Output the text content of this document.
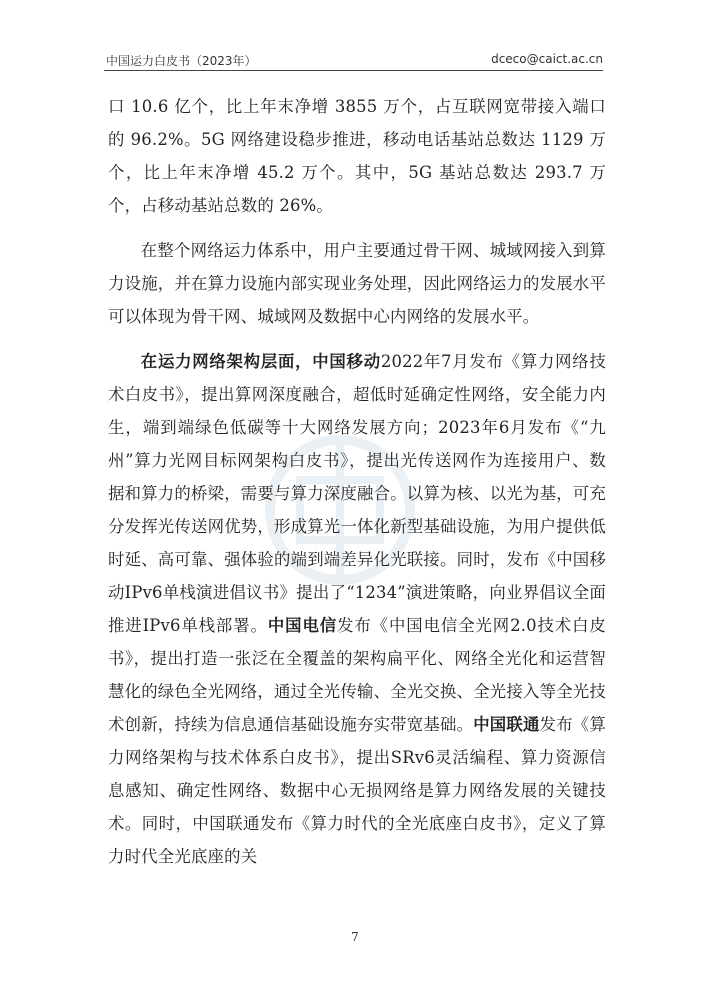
中国运力白皮书（2023年）	dceco@caict.ac.cn

口 10.6 亿个，比上年末净增 3855 万个，占互联网宽带接入端口的 96.2%。5G 网络建设稳步推进，移动电话基站总数达 1129 万个，比上年末净增 45.2 万个。其中，5G 基站总数达 293.7 万个，占移动基站总数的 26%。

在整个网络运力体系中，用户主要通过骨干网、城域网接入到算力设施，并在算力设施内部实现业务处理，因此网络运力的发展水平可以体现为骨干网、城域网及数据中心内网络的发展水平。

在运力网络架构层面，中国移动2022年7月发布《算力网络技术白皮书》，提出算网深度融合，超低时延确定性网络，安全能力内生，端到端绿色低碳等十大网络发展方向；2023年6月发布《“九州”算力光网目标网架构白皮书》，提出光传送网作为连接用户、数据和算力的桥梁，需要与算力深度融合。以算为核、以光为基，可充分发挥光传送网优势，形成算光一体化新型基础设施，为用户提供低时延、高可靠、强体验的端到端差异化光联接。同时，发布《中国移动IPv6单栈演进倡议书》提出了“1234”演进策略，向业界倡议全面推进IPv6单栈部署。中国电信发布《中国电信全光网2.0技术白皮书》，提出打造一张泛在全覆盖的架构扁平化、网络全光化和运营智慧化的绿色全光网络，通过全光传输、全光交换、全光接入等全光技术创新，持续为信息通信基础设施夯实带宽基础。中国联通发布《算力网络架构与技术体系白皮书》，提出SRv6灵活编程、算力资源信息感知、确定性网络、数据中心无损网络是算力网络发展的关键技术。同时，中国联通发布《算力时代的全光底座白皮书》，定义了算力时代全光底座的关

7
